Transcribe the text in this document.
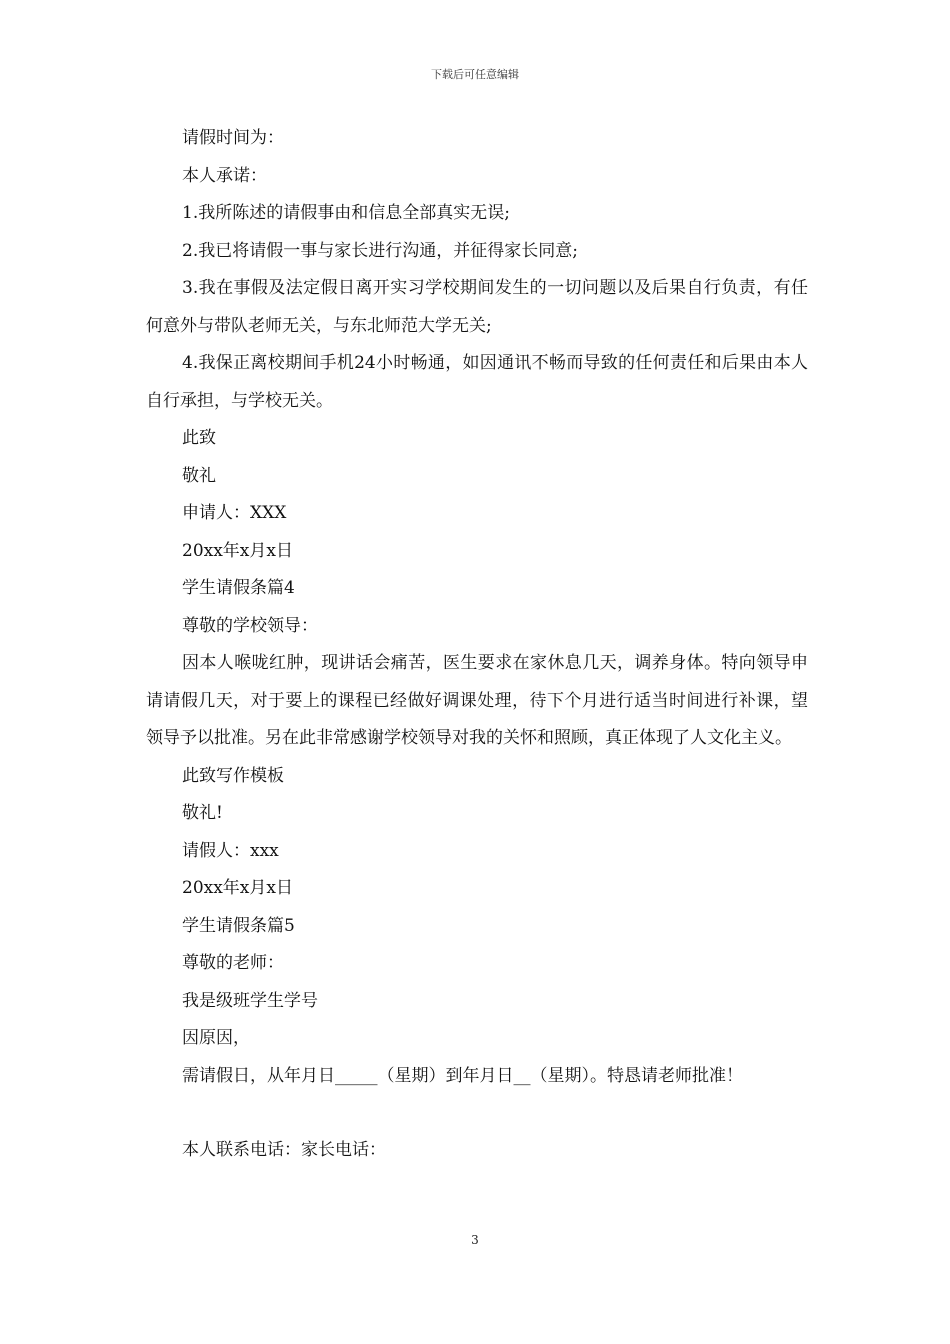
下载后可任意编辑

请假时间为：

本人承诺：

1.我所陈述的请假事由和信息全部真实无误;

2.我已将请假一事与家长进行沟通，并征得家长同意;

3.我在事假及法定假日离开实习学校期间发生的一切问题以及后果自行负责，有任何意外与带队老师无关，与东北师范大学无关;

4.我保正离校期间手机24小时畅通，如因通讯不畅而导致的任何责任和后果由本人自行承担，与学校无关。

此致

敬礼

申请人：XXX

20xx年x月x日

学生请假条篇4

尊敬的学校领导：

因本人喉咙红肿，现讲话会痛苦，医生要求在家休息几天，调养身体。特向领导申请请假几天，对于要上的课程已经做好调课处理，待下个月进行适当时间进行补课，望领导予以批准。另在此非常感谢学校领导对我的关怀和照顾，真正体现了人文化主义。

此致写作模板

敬礼!

请假人：xxx

20xx年x月x日

学生请假条篇5

尊敬的老师：

我是级班学生学号

因原因，

需请假日，从年月日_____（星期）到年月日__（星期）。特恳请老师批准！

本人联系电话：家长电话：

3
